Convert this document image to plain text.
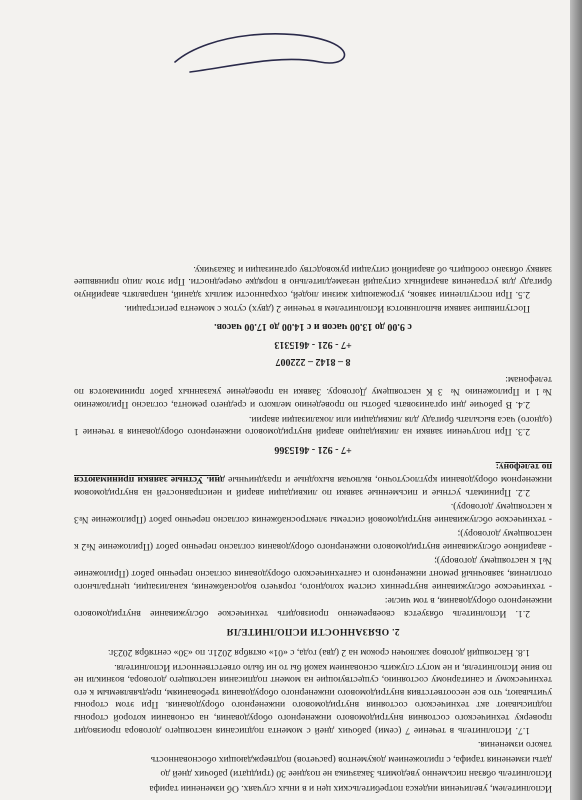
Исполнителем, увеличения индекса потребительских цен и в иных случаях. Об изменении тарифа

Исполнитель обязан письменно уведомить Заказчика не позднее 30 (тридцати) рабочих дней до

даты изменения тарифа, с приложением документов (расчетов) подтверждающих обоснованность

такого изменения.

1.7. Исполнитель в течение 7 (семи) рабочих дней с момента подписания настоящего договора производит проверку технического состояния внутридомового инженерного оборудования, на основании которой стороны подписывают акт технического состояния внутридомового инженерного оборудования. При этом стороны учитывают, что все несоответствия внутридомового инженерного оборудования требованиям, предъявляемым к его техническому и санитарному состоянию, существующие на момент подписания настоящего договора, возникли не по вине Исполнителя, и не могут служить основанием какой бы то ни было ответственности Исполнителя.

1.8. Настоящий договор заключен сроком на 2 (два) года, с «01» октября 2021г. по «30» сентября 2023г.

2. ОБЯЗАННОСТИ ИСПОЛНИТЕЛЯ

2.1. Исполнитель обязуется своевременно производить техническое обслуживание внутридомового инженерного оборудования, в том числе:

- техническое обслуживание внутренних систем холодного, горячего водоснабжения, канализации, центрального отопления, заявочный ремонт инженерного и сантехнического оборудования согласно перечню работ (Приложение №1 к настоящему договору);

- аварийное обслуживание внутридомового инженерного оборудования согласно перечню работ (Приложение №2 к настоящему договору);

- техническое обслуживание внутридомовой системы электроснабжения согласно перечню работ (Приложение №3 к настоящему договору).

2.2. Принимать устные и письменные заявки по ликвидации аварий и неисправностей на внутридомовом инженерном оборудовании круглосуточно, включая выходные и праздничные дни. Устные заявки принимаются по телефону:

+7 - 921 - 4615366

2.3. При получении заявки на ликвидацию аварий внутридомового инженерного оборудования в течение 1 (одного) часа высылать бригаду для ликвидации или локализации аварии.

2.4. В рабочие дни организовать работы по проведению мелкого и среднего ремонта, согласно Приложению №1 и Приложению № 3 К настоящему Договору. Заявки на проведение указанных работ принимаются по телефонам:

8 – 8142 – 222007

+7 - 921 - 4615313

с 9.00 до 13.00 часов и с 14.00 до 17.00 часов.

Поступившие заявки выполняются Исполнителем в течение 2 (двух) суток с момента регистрации.

2.5. При поступлении заявок, угрожающих жизни людей, сохранности жилых зданий, направлять аварийную бригаду для устранения аварийных ситуаций незамедлительно в порядке очередности. При этом лицо принявшее заявку обязано сообщить об аварийной ситуации руководству организации и Заказчику.
